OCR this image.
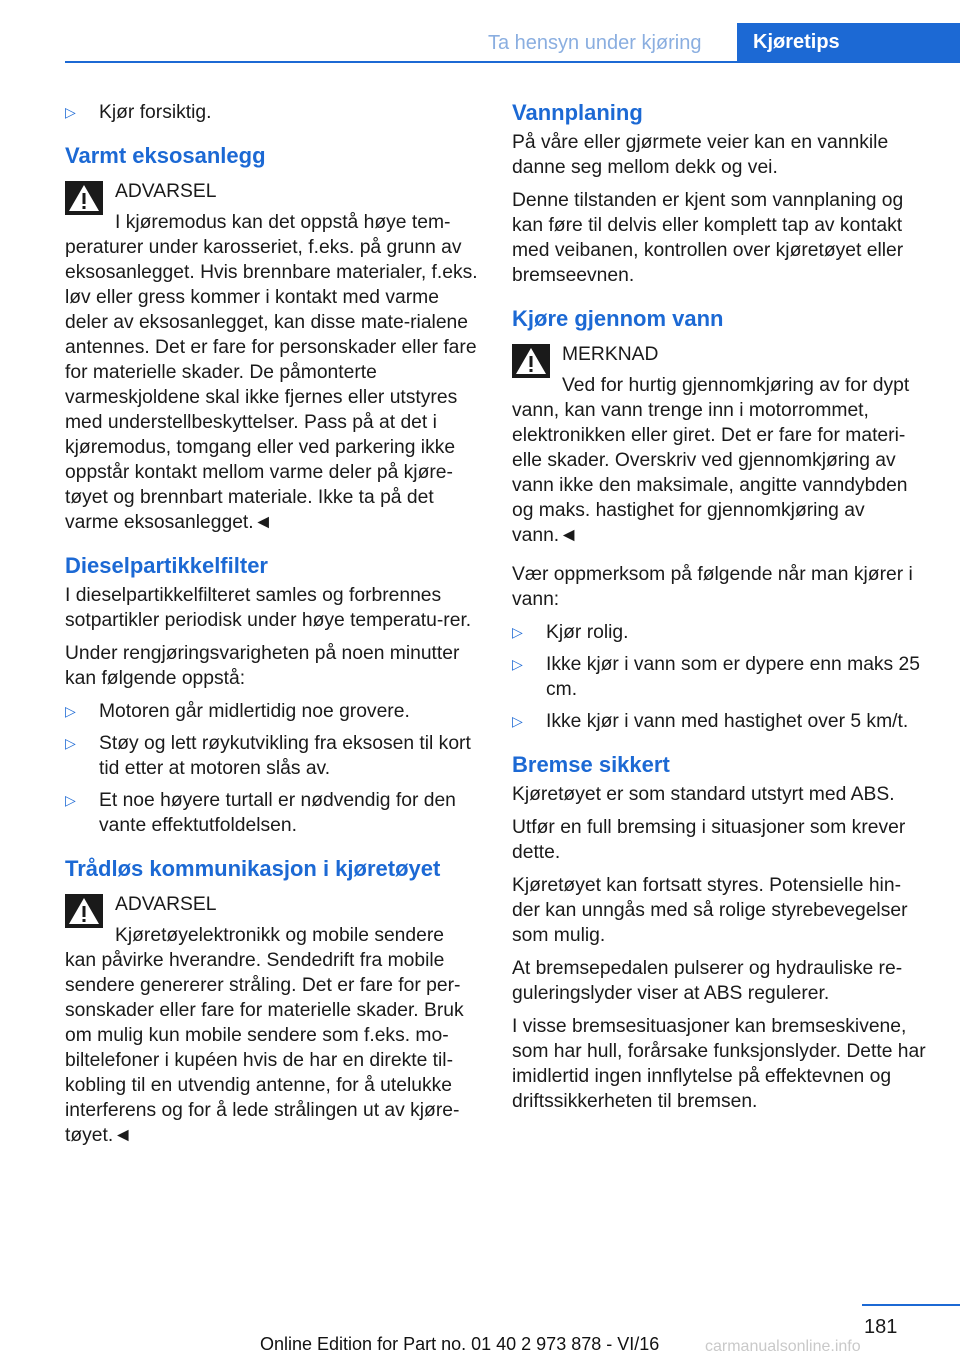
Ta hensyn under kjøring	Kjøretips
▷ Kjør forsiktig.
Varmt eksosanlegg

ADVARSEL

I kjøremodus kan det oppstå høye tem-peraturer under karosseriet, f.eks. på grunn av eksosanlegget. Hvis brennbare materialer, f.eks. løv eller gress kommer i kontakt med varme deler av eksosanlegget, kan disse mate-rialene antennes. Det er fare for personskader eller fare for materielle skader. De påmonterte varmeskjoldene skal ikke fjernes eller utstyres med understellbeskyttelser. Pass på at det i kjøremodus, tomgang eller ved parkering ikke oppstår kontakt mellom varme deler på kjøre-tøyet og brennbart materiale. Ikke ta på det varme eksosanlegget.◄

Dieselpartikkelfilter

I dieselpartikkelfilteret samles og forbrennes sotpartikler periodisk under høye temperatu-rer.

Under rengjøringsvarigheten på noen minutter kan følgende oppstå:

▷ Motoren går midlertidig noe grovere.
▷ Støy og lett røykutvikling fra eksosen til kort tid etter at motoren slås av.
▷ Et noe høyere turtall er nødvendig for den vante effektutfoldelsen.
Trådløs kommunikasjon i kjøretøyet

ADVARSEL

Kjøretøyelektronikk og mobile sendere kan påvirke hverandre. Sendedrift fra mobile sendere genererer stråling. Det er fare for per-sonskader eller fare for materielle skader. Bruk om mulig kun mobile sendere som f.eks. mo-biltelefoner i kupéen hvis de har en direkte til-kobling til en utvendig antenne, for å utelukke interferens og for å lede strålingen ut av kjøre-tøyet.◄

Vannplaning

På våre eller gjørmete veier kan en vannkile danne seg mellom dekk og vei.

Denne tilstanden er kjent som vannplaning og kan føre til delvis eller komplett tap av kontakt med veibanen, kontrollen over kjøretøyet eller bremseevnen.

Kjøre gjennom vann

MERKNAD

Ved for hurtig gjennomkjøring av for dypt vann, kan vann trenge inn i motorrommet, elektronikken eller giret. Det er fare for materi-elle skader. Overskriv ved gjennomkjøring av vann ikke den maksimale, angitte vanndybden og maks. hastighet for gjennomkjøring av vann.◄

Vær oppmerksom på følgende når man kjører i vann:

▷ Kjør rolig.
▷ Ikke kjør i vann som er dypere enn maks 25 cm.
▷ Ikke kjør i vann med hastighet over 5 km/t.
Bremse sikkert

Kjøretøyet er som standard utstyrt med ABS.

Utfør en full bremsing i situasjoner som krever dette.

Kjøretøyet kan fortsatt styres. Potensielle hin-der kan unngås med så rolige styrebevegelser som mulig.

At bremsepedalen pulserer og hydrauliske re-guleringslyder viser at ABS regulerer.

I visse bremsesituasjoner kan bremseskivene, som har hull, forårsake funksjonslyder. Dette har imidlertid ingen innflytelse på effektevnen og driftssikkerheten til bremsen.

181
Online Edition for Part no. 01 40 2 973 878 - VI/16	carmanualsonline.info
